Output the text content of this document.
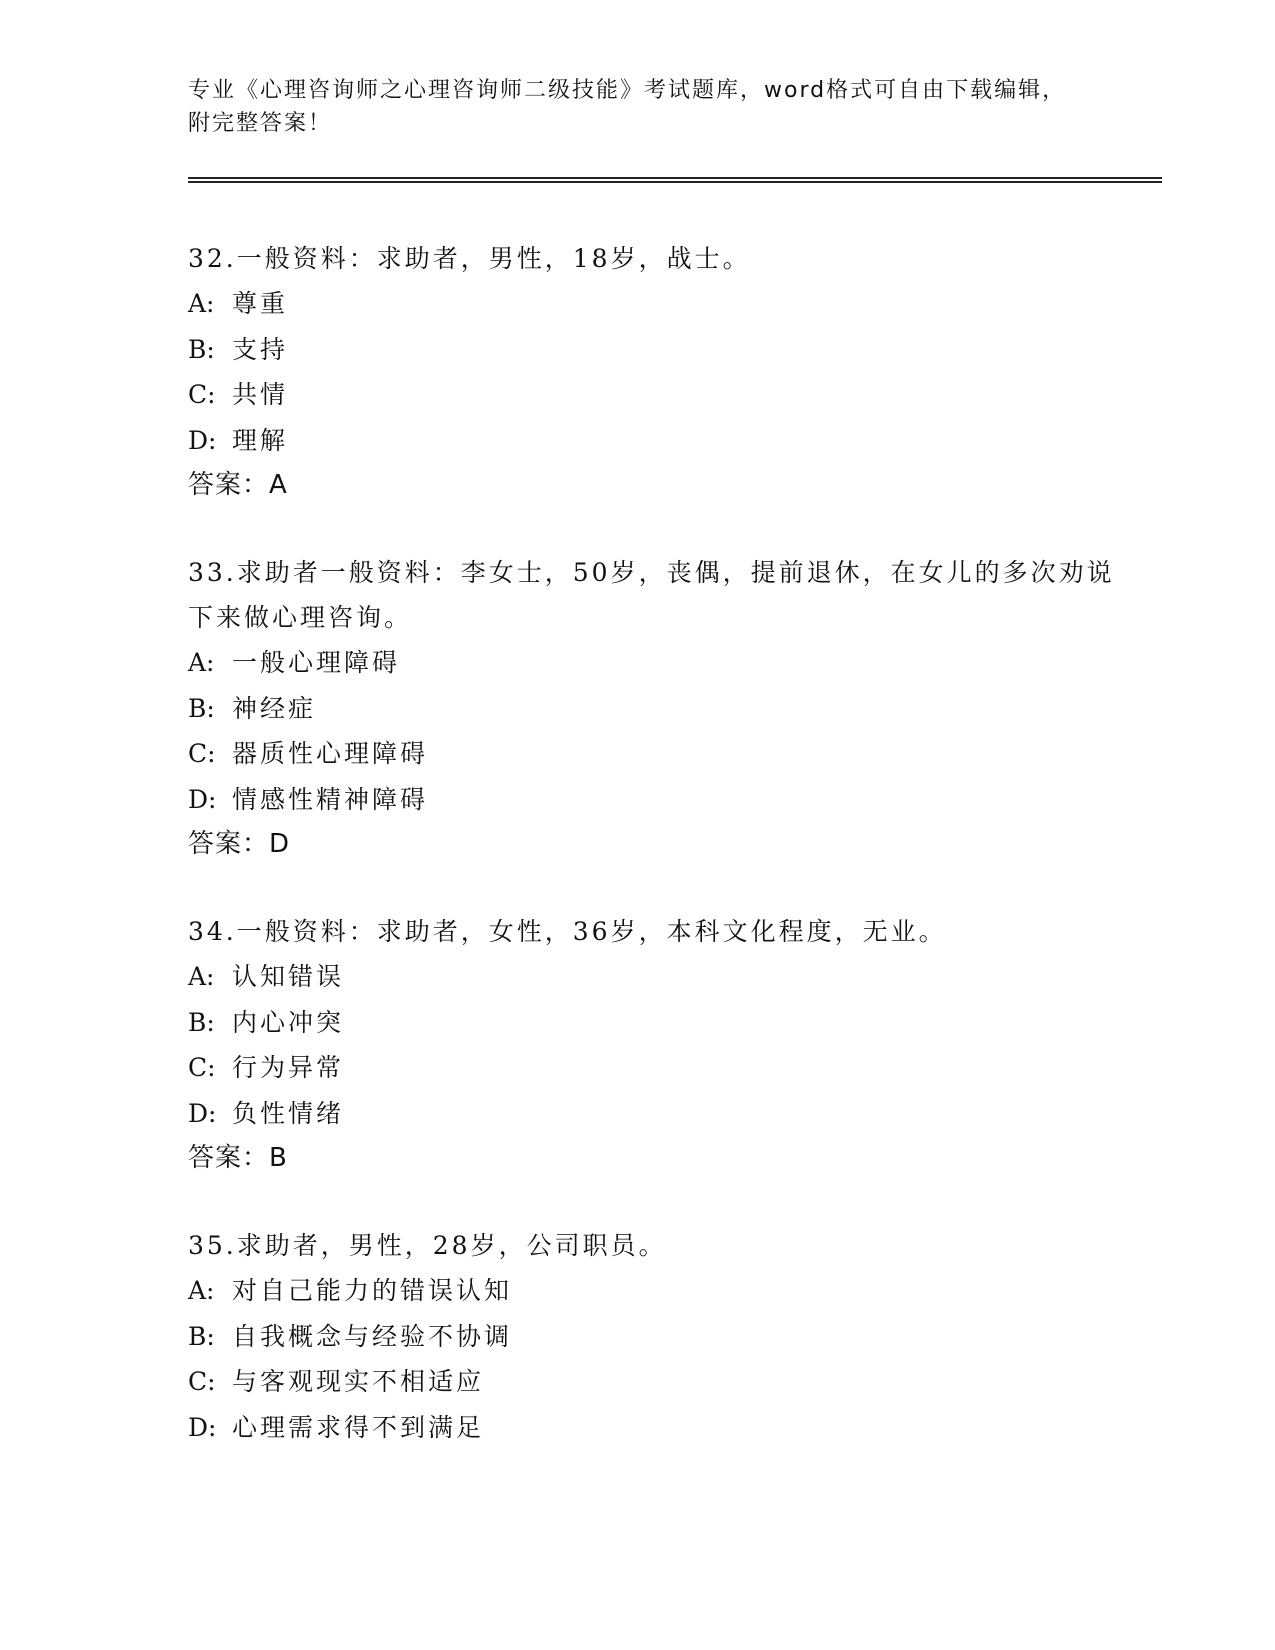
专业《心理咨询师之心理咨询师二级技能》考试题库，word格式可自由下载编辑，附完整答案！
32.一般资料：求助者，男性，18岁，战士。
A: 尊重
B: 支持
C: 共情
D: 理解
答案：A
33.求助者一般资料：李女士，50岁，丧偶，提前退休，在女儿的多次劝说下来做心理咨询。
A: 一般心理障碍
B: 神经症
C: 器质性心理障碍
D: 情感性精神障碍
答案：D
34.一般资料：求助者，女性，36岁，本科文化程度，无业。
A: 认知错误
B: 内心冲突
C: 行为异常
D: 负性情绪
答案：B
35.求助者，男性，28岁，公司职员。
A: 对自己能力的错误认知
B: 自我概念与经验不协调
C: 与客观现实不相适应
D: 心理需求得不到满足
